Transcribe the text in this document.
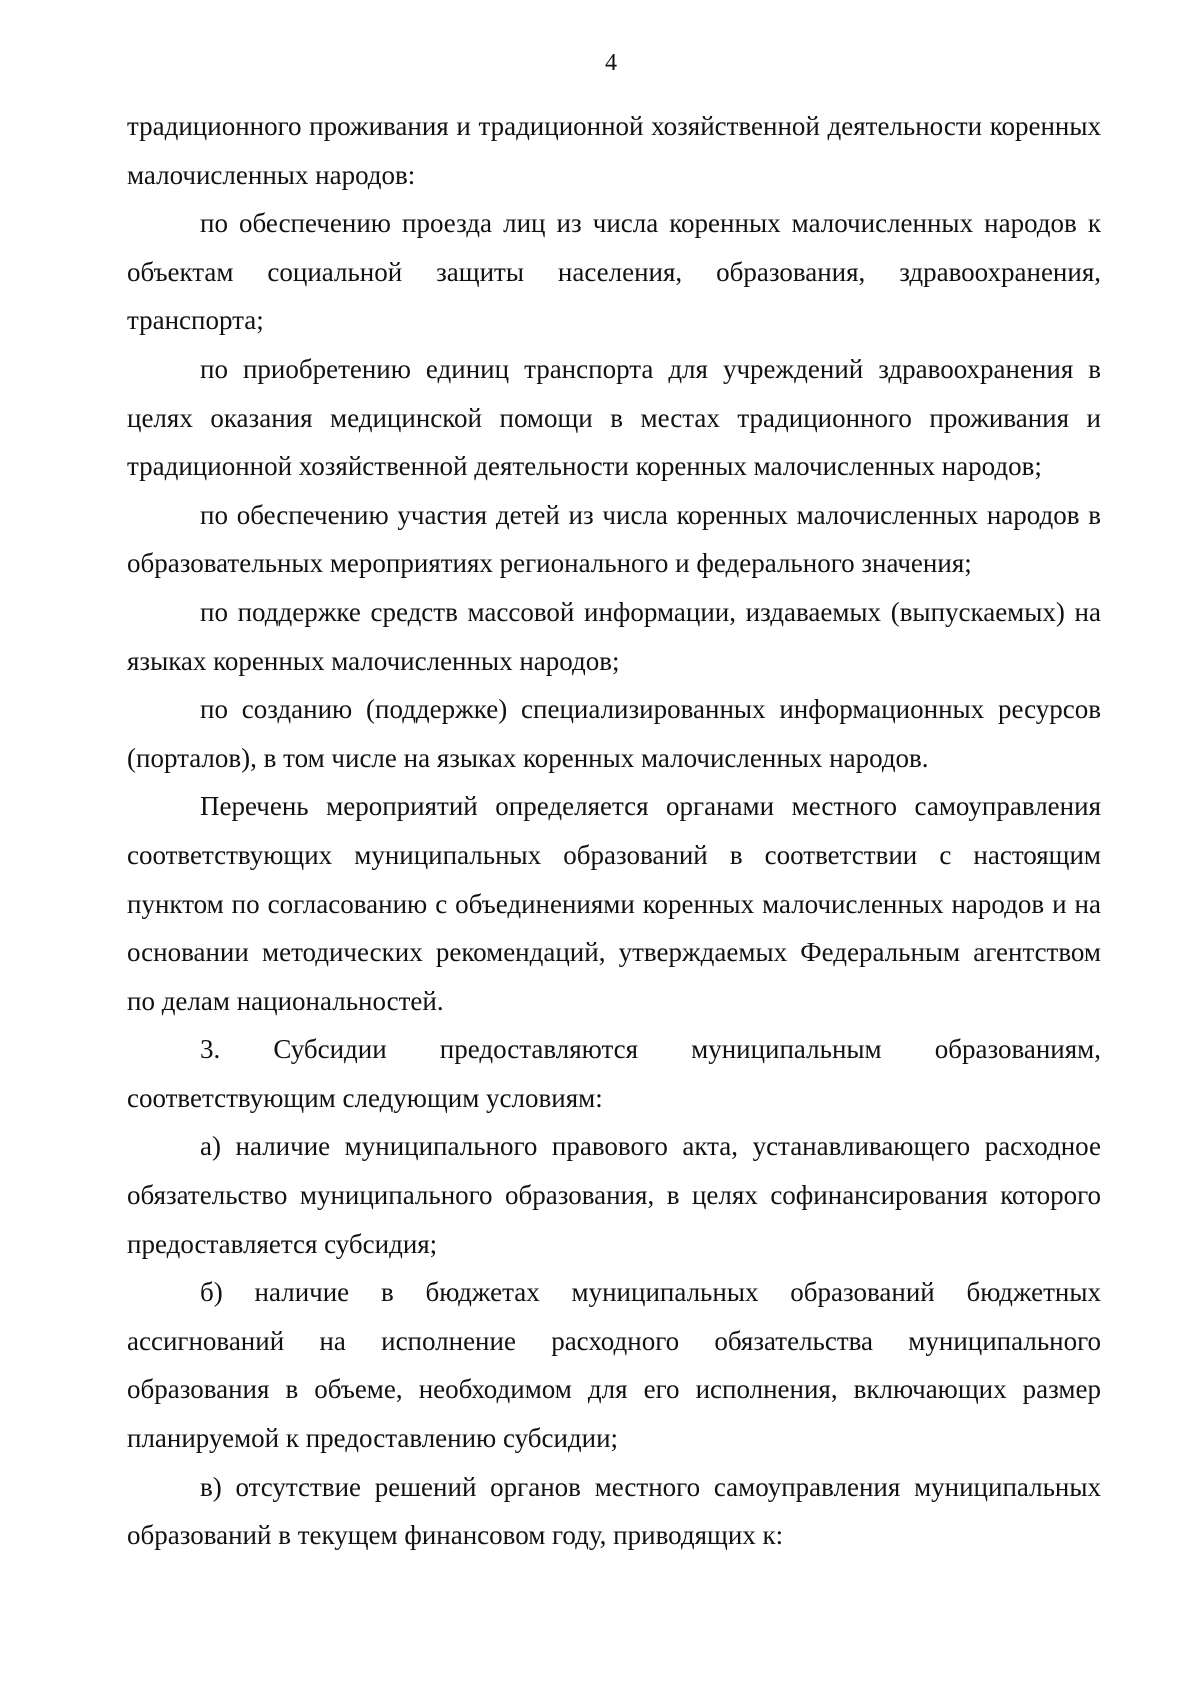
4

традиционного проживания и традиционной хозяйственной деятельности коренных малочисленных народов:

по обеспечению проезда лиц из числа коренных малочисленных народов к объектам социальной защиты населения, образования, здравоохранения, транспорта;

по приобретению единиц транспорта для учреждений здравоохранения в целях оказания медицинской помощи в местах традиционного проживания и традиционной хозяйственной деятельности коренных малочисленных народов;

по обеспечению участия детей из числа коренных малочисленных народов в образовательных мероприятиях регионального и федерального значения;

по поддержке средств массовой информации, издаваемых (выпускаемых) на языках коренных малочисленных народов;

по созданию (поддержке) специализированных информационных ресурсов (порталов), в том числе на языках коренных малочисленных народов.

Перечень мероприятий определяется органами местного самоуправления соответствующих муниципальных образований в соответствии с настоящим пунктом по согласованию с объединениями коренных малочисленных народов и на основании методических рекомендаций, утверждаемых Федеральным агентством по делам национальностей.

3. Субсидии предоставляются муниципальным образованиям, соответствующим следующим условиям:

а) наличие муниципального правового акта, устанавливающего расходное обязательство муниципального образования, в целях софинансирования которого предоставляется субсидия;

б) наличие в бюджетах муниципальных образований бюджетных ассигнований на исполнение расходного обязательства муниципального образования в объеме, необходимом для его исполнения, включающих размер планируемой к предоставлению субсидии;

в) отсутствие решений органов местного самоуправления муниципальных образований в текущем финансовом году, приводящих к:
